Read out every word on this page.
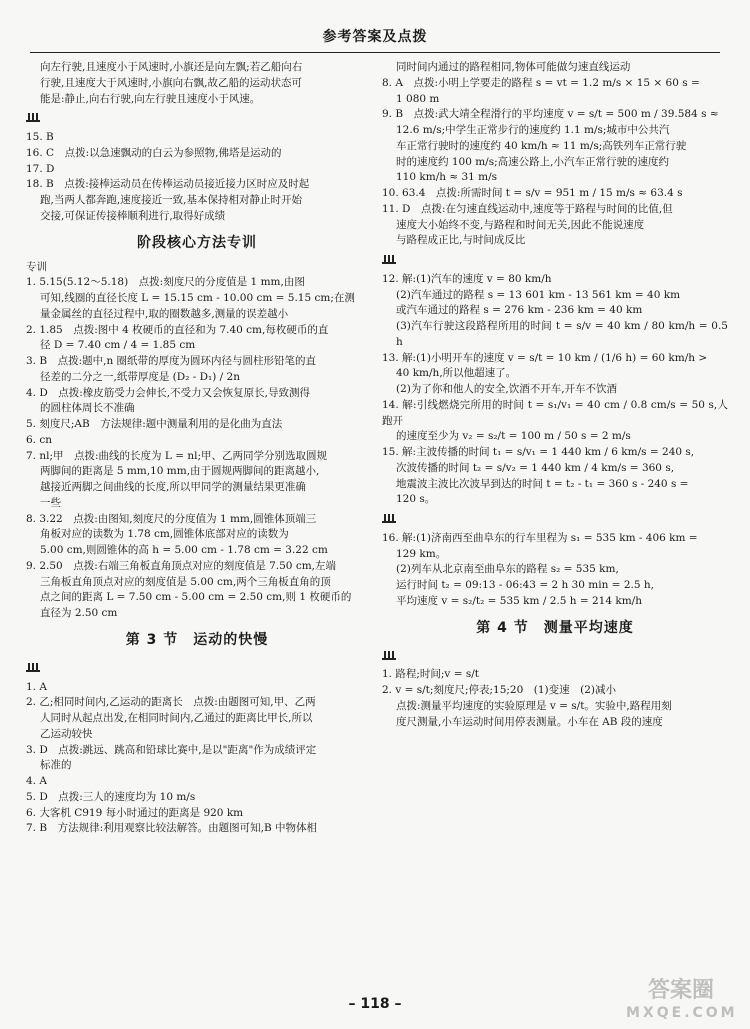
参考答案及点拨

向左行驶,且速度小于风速时,小旗还是向左飘;若乙船向右

行驶,且速度大于风速时,小旗向右飘,故乙船的运动状态可

能是:静止,向右行驶,向左行驶且速度小于风速。

15. B

16. C　点拨:以急速飘动的白云为参照物,佛塔是运动的

17. D

18. B　点拨:接棒运动员在传棒运动员接近接力区时应及时起

跑,当两人都奔跑,速度接近一致,基本保持相对静止时开始

交接,可保证传接棒顺利进行,取得好成绩

阶段核心方法专训

专训

1. 5.15(5.12～5.18)　点拨:刻度尺的分度值是 1 mm,由图

可知,线圈的直径长度 L = 15.15 cm - 10.00 cm = 5.15 cm;在测

量金属丝的直径过程中,取的圈数越多,测量的误差越小

2. 1.85　点拨:图中 4 枚硬币的直径和为 7.40 cm,每枚硬币的直

径 D = 7.40 cm / 4 = 1.85 cm

3. B　点拨:题中,n 圈纸带的厚度为圆环内径与圆柱形铅笔的直

径差的二分之一,纸带厚度是 (D₂ - D₁) / 2n

4. D　点拨:橡皮筋受力会伸长,不受力又会恢复原长,导致测得

的圆柱体周长不准确

5. 刻度尺;AB　方法规律:题中测量利用的是化曲为直法

6. cn

7. nl;甲　点拨:曲线的长度为 L = nl;甲、乙两同学分别选取圆规

两脚间的距离是 5 mm,10 mm,由于圆规两脚间的距离越小,

越接近两脚之间曲线的长度,所以甲同学的测量结果更准确

一些

8. 3.22　点拨:由图知,刻度尺的分度值为 1 mm,圆锥体顶端三

角板对应的读数为 1.78 cm,圆锥体底部对应的读数为

5.00 cm,则圆锥体的高 h = 5.00 cm - 1.78 cm = 3.22 cm

9. 2.50　点拨:右端三角板直角顶点对应的刻度值是 7.50 cm,左端

三角板直角顶点对应的刻度值是 5.00 cm,两个三角板直角的顶

点之间的距离 L = 7.50 cm - 5.00 cm = 2.50 cm,则 1 枚硬币的

直径为 2.50 cm

第 3 节　运动的快慢

1. A

2. 乙;相同时间内,乙运动的距离长　点拨:由题图可知,甲、乙两

人同时从起点出发,在相同时间内,乙通过的距离比甲长,所以

乙运动较快

3. D　点拨:跳远、跳高和铅球比赛中,是以"距离"作为成绩评定

标准的

4. A

5. D　点拨:三人的速度均为 10 m/s

6. 大客机 C919 每小时通过的距离是 920 km

7. B　方法规律:利用观察比较法解答。由题图可知,B 中物体相

同时间内通过的路程相同,物体可能做匀速直线运动

8. A　点拨:小明上学要走的路程 s = vt = 1.2 m/s × 15 × 60 s =

1 080 m

9. B　点拨:武大靖全程滑行的平均速度 v = s/t = 500 m / 39.584 s ≈

12.6 m/s;中学生正常步行的速度约 1.1 m/s;城市中公共汽

车正常行驶时的速度约 40 km/h ≈ 11 m/s;高铁列车正常行驶

时的速度约 100 m/s;高速公路上,小汽车正常行驶的速度约

110 km/h ≈ 31 m/s

10. 63.4　点拨:所需时间 t = s/v = 951 m / 15 m/s ≈ 63.4 s

11. D　点拨:在匀速直线运动中,速度等于路程与时间的比值,但

速度大小始终不变,与路程和时间无关,因此不能说速度

与路程成正比,与时间成反比

12. 解:(1)汽车的速度 v = 80 km/h

(2)汽车通过的路程 s = 13 601 km - 13 561 km = 40 km

或汽车通过的路程 s = 276 km - 236 km = 40 km

(3)汽车行驶这段路程所用的时间 t = s/v = 40 km / 80 km/h = 0.5 h

13. 解:(1)小明开车的速度 v = s/t = 10 km / (1/6 h) = 60 km/h >

40 km/h,所以他超速了。

(2)为了你和他人的安全,饮酒不开车,开车不饮酒

14. 解:引线燃烧完所用的时间 t = s₁/v₁ = 40 cm / 0.8 cm/s = 50 s,人跑开

的速度至少为 v₂ = s₂/t = 100 m / 50 s = 2 m/s

15. 解:主波传播的时间 t₁ = s/v₁ = 1 440 km / 6 km/s = 240 s,

次波传播的时间 t₂ = s/v₂ = 1 440 km / 4 km/s = 360 s,

地震波主波比次波早到达的时间 t = t₂ - t₁ = 360 s - 240 s =

120 s。

16. 解:(1)济南西至曲阜东的行车里程为 s₁ = 535 km - 406 km =

129 km。

(2)列车从北京南至曲阜东的路程 s₂ = 535 km,

运行时间 t₂ = 09:13 - 06:43 = 2 h 30 min = 2.5 h,

平均速度 v = s₂/t₂ = 535 km / 2.5 h = 214 km/h

第 4 节　测量平均速度

1. 路程;时间;v = s/t

2. v = s/t;刻度尺;停表;15;20　(1)变速　(2)减小

点拨:测量平均速度的实验原理是 v = s/t。实验中,路程用刻

度尺测量,小车运动时间用停表测量。小车在 AB 段的速度

– 118 –
答案圈
MXQE.COM
